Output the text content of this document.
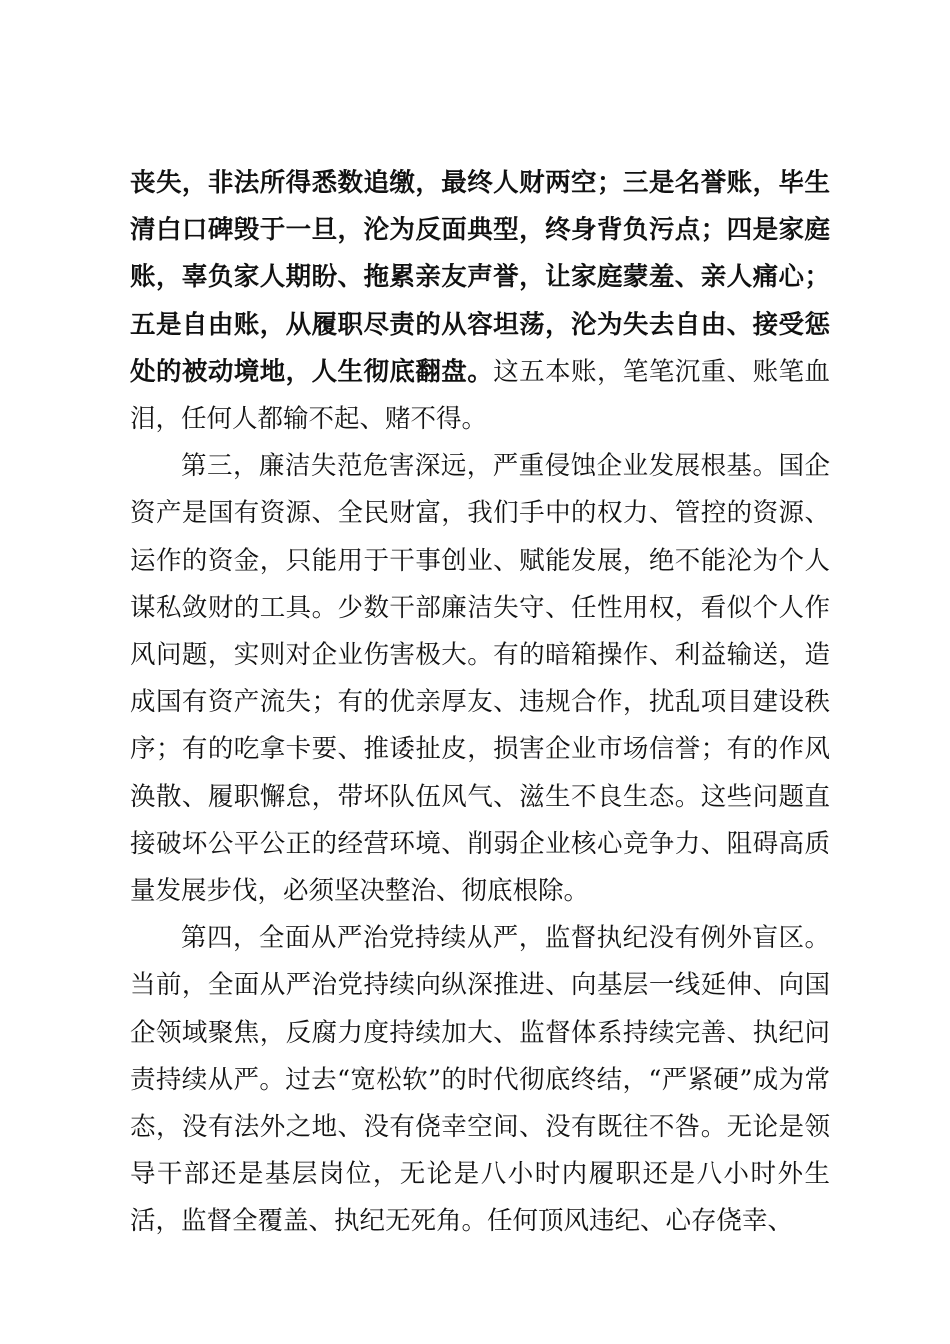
丧失，非法所得悉数追缴，最终人财两空；三是名誉账，毕生清白口碑毁于一旦，沦为反面典型，终身背负污点；四是家庭账，辜负家人期盼、拖累亲友声誉，让家庭蒙羞、亲人痛心；五是自由账，从履职尽责的从容坦荡，沦为失去自由、接受惩处的被动境地，人生彻底翻盘。这五本账，笔笔沉重、账笔血泪，任何人都输不起、赌不得。

第三，廉洁失范危害深远，严重侵蚀企业发展根基。国企资产是国有资源、全民财富，我们手中的权力、管控的资源、运作的资金，只能用于干事创业、赋能发展，绝不能沦为个人谋私敛财的工具。少数干部廉洁失守、任性用权，看似个人作风问题，实则对企业伤害极大。有的暗箱操作、利益输送，造成国有资产流失；有的优亲厚友、违规合作，扰乱项目建设秩序；有的吃拿卡要、推诿扯皮，损害企业市场信誉；有的作风涣散、履职懈怠，带坏队伍风气、滋生不良生态。这些问题直接破坏公平公正的经营环境、削弱企业核心竞争力、阻碍高质量发展步伐，必须坚决整治、彻底根除。

第四，全面从严治党持续从严，监督执纪没有例外盲区。当前，全面从严治党持续向纵深推进、向基层一线延伸、向国企领域聚焦，反腐力度持续加大、监督体系持续完善、执纪问责持续从严。过去“宽松软”的时代彻底终结，“严紧硬”成为常态，没有法外之地、没有侥幸空间、没有既往不咎。无论是领导干部还是基层岗位，无论是八小时内履职还是八小时外生活，监督全覆盖、执纪无死角。任何顶风违纪、心存侥幸、
